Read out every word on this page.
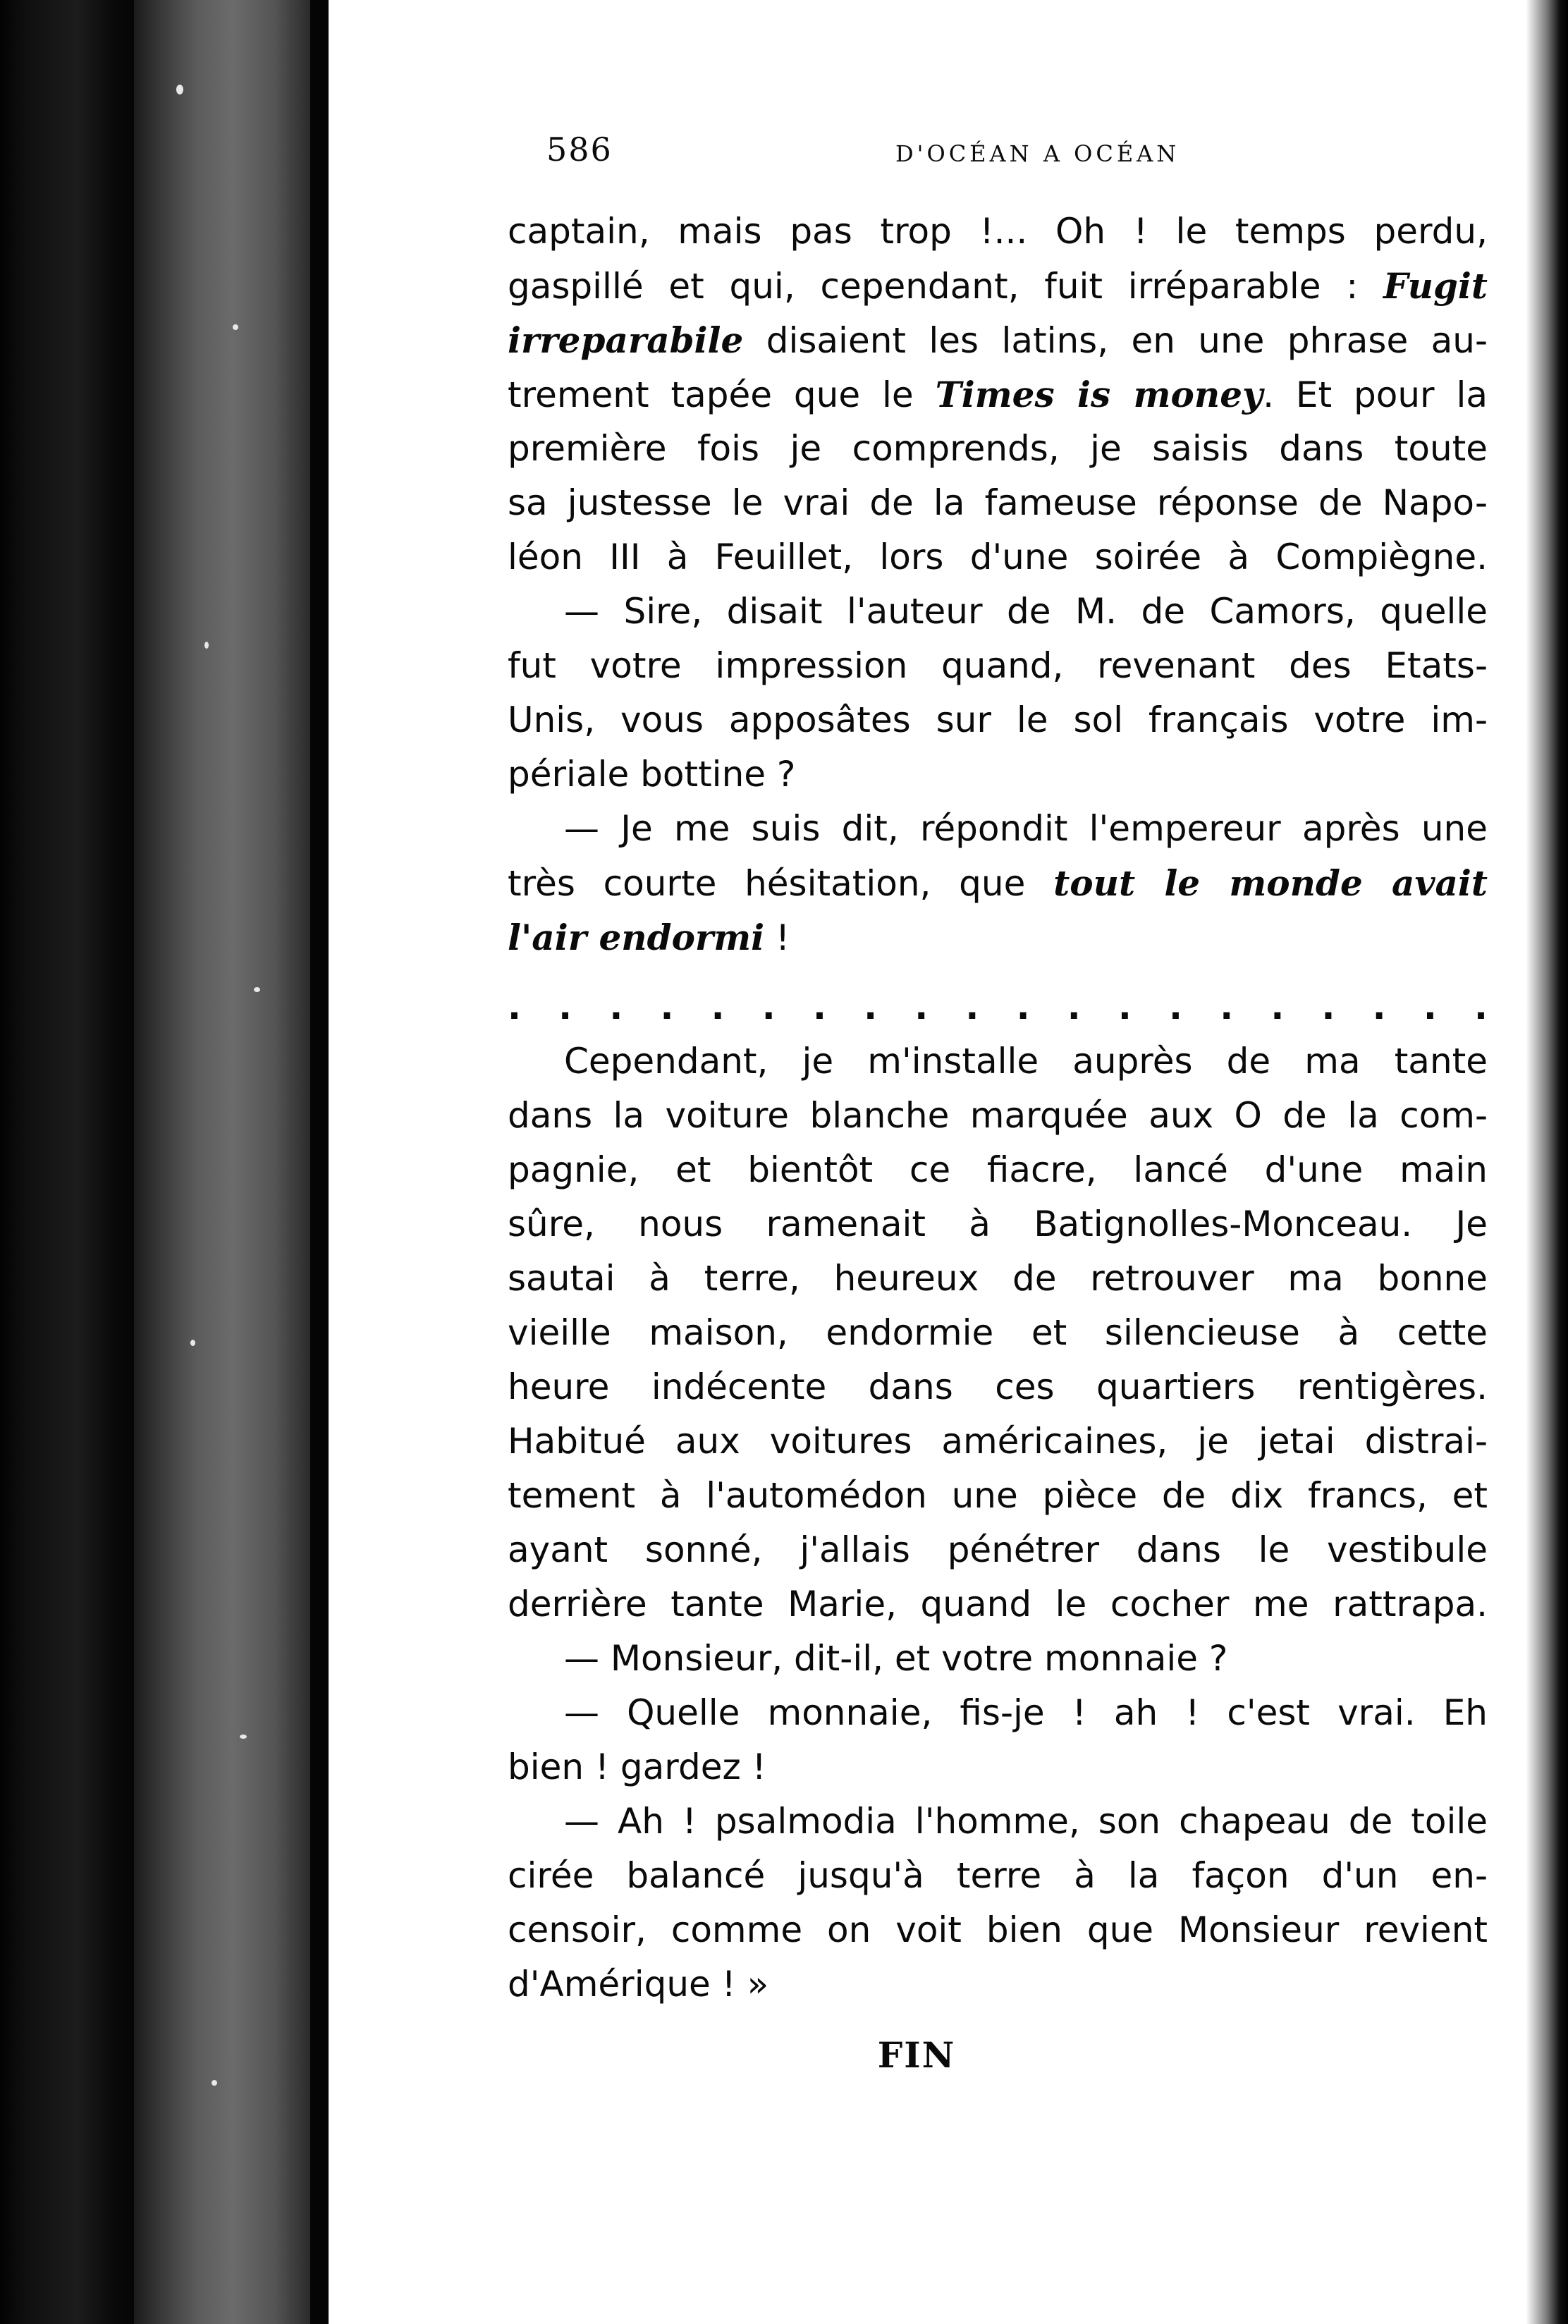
586	D'OCÉAN A OCÉAN
captain, mais pas trop !... Oh ! le temps perdu,
gaspillé et qui, cependant, fuit irréparable : Fugit
irreparabile disaient les latins, en une phrase au-
trement tapée que le Times is money. Et pour la
première fois je comprends, je saisis dans toute
sa justesse le vrai de la fameuse réponse de Napo-
léon III à Feuillet, lors d'une soirée à Compiègne.
— Sire, disait l'auteur de M. de Camors, quelle
fut votre impression quand, revenant des Etats-
Unis, vous apposâtes sur le sol français votre im-
périale bottine ?
— Je me suis dit, répondit l'empereur après une
très courte hésitation, que tout le monde avait
l'air endormi !
. . . . . . . . . . . . . . . . . . . .
Cependant, je m'installe auprès de ma tante
dans la voiture blanche marquée aux O de la com-
pagnie, et bientôt ce fiacre, lancé d'une main
sûre, nous ramenait à Batignolles-Monceau. Je
sautai à terre, heureux de retrouver ma bonne
vieille maison, endormie et silencieuse à cette
heure indécente dans ces quartiers rentigères.
Habitué aux voitures américaines, je jetai distrai-
tement à l'automédon une pièce de dix francs, et
ayant sonné, j'allais pénétrer dans le vestibule
derrière tante Marie, quand le cocher me rattrapa.
— Monsieur, dit-il, et votre monnaie ?
— Quelle monnaie, fis-je ! ah ! c'est vrai. Eh
bien ! gardez !
— Ah ! psalmodia l'homme, son chapeau de toile
cirée balancé jusqu'à terre à la façon d'un en-
censoir, comme on voit bien que Monsieur revient
d'Amérique ! »
FIN
